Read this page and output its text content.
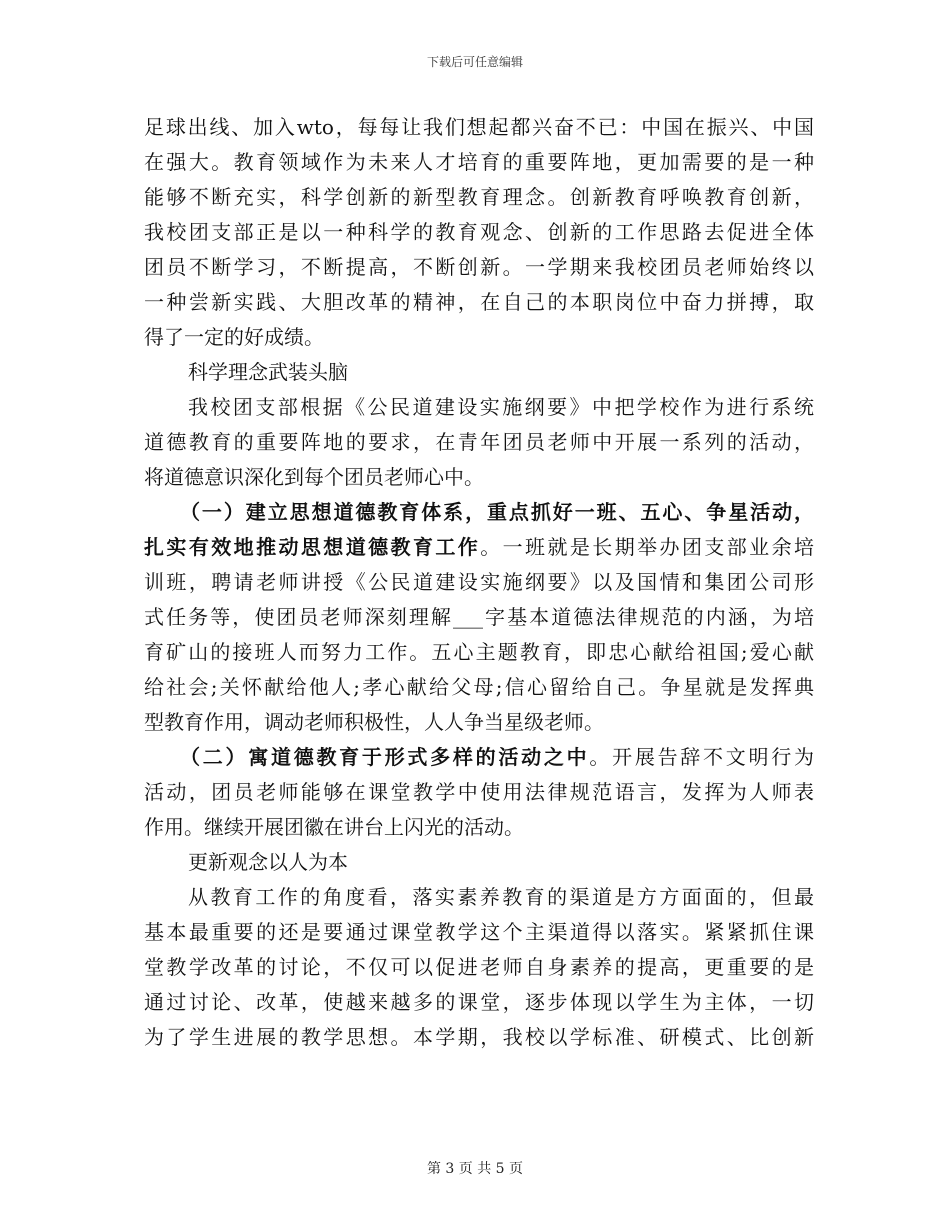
下载后可任意编辑
足球出线、加入wto，每每让我们想起都兴奋不已：中国在振兴、中国
在强大。教育领域作为未来人才培育的重要阵地，更加需要的是一种
能够不断充实，科学创新的新型教育理念。创新教育呼唤教育创新，
我校团支部正是以一种科学的教育观念、创新的工作思路去促进全体
团员不断学习，不断提高，不断创新。一学期来我校团员老师始终以
一种尝新实践、大胆改革的精神，在自己的本职岗位中奋力拼搏，取
得了一定的好成绩。
科学理念武装头脑
我校团支部根据《公民道建设实施纲要》中把学校作为进行系统
道德教育的重要阵地的要求，在青年团员老师中开展一系列的活动，
将道德意识深化到每个团员老师心中。
（一）建立思想道德教育体系，重点抓好一班、五心、争星活动，
扎实有效地推动思想道德教育工作。一班就是长期举办团支部业余培
训班，聘请老师讲授《公民道建设实施纲要》以及国情和集团公司形
式任务等，使团员老师深刻理解___字基本道德法律规范的内涵，为培
育矿山的接班人而努力工作。五心主题教育，即忠心献给祖国;爱心献
给社会;关怀献给他人;孝心献给父母;信心留给自己。争星就是发挥典
型教育作用，调动老师积极性，人人争当星级老师。
（二）寓道德教育于形式多样的活动之中。开展告辞不文明行为
活动，团员老师能够在课堂教学中使用法律规范语言，发挥为人师表
作用。继续开展团徽在讲台上闪光的活动。
更新观念以人为本
从教育工作的角度看，落实素养教育的渠道是方方面面的，但最
基本最重要的还是要通过课堂教学这个主渠道得以落实。紧紧抓住课
堂教学改革的讨论，不仅可以促进老师自身素养的提高，更重要的是
通过讨论、改革，使越来越多的课堂，逐步体现以学生为主体，一切
为了学生进展的教学思想。本学期，我校以学标准、研模式、比创新
第 3 页 共 5 页
